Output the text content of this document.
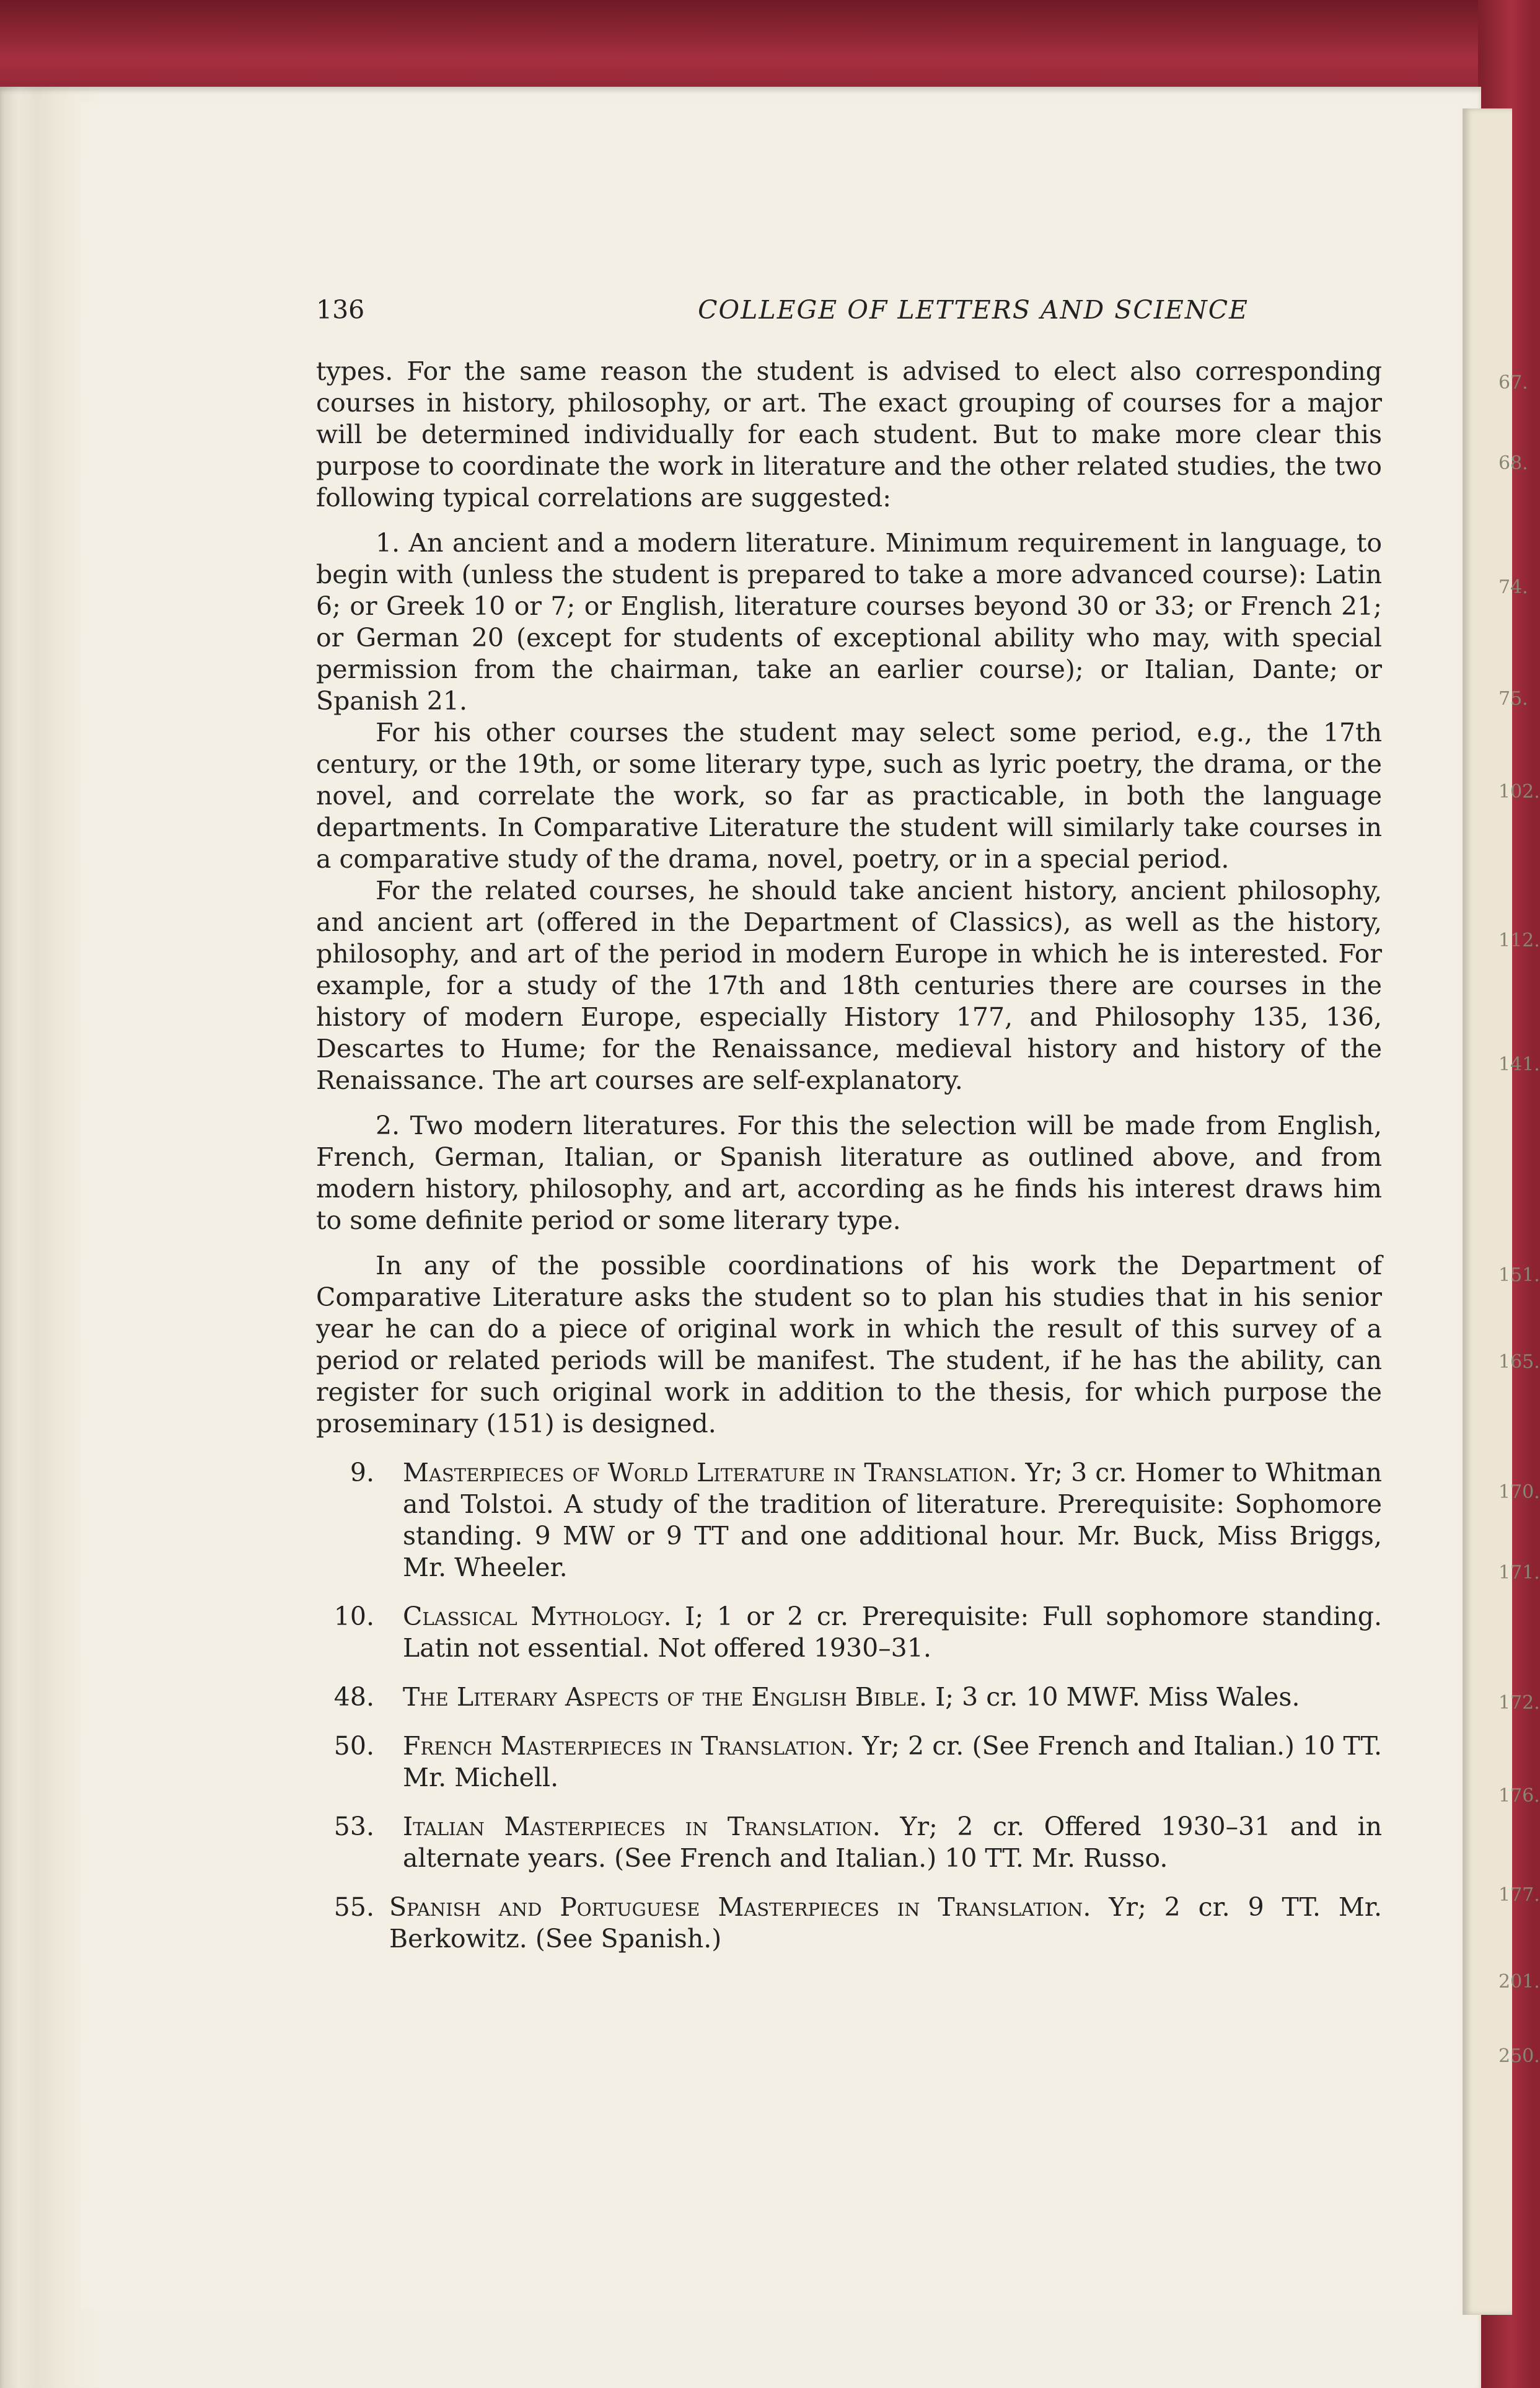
67.
68.
74.
75.
102.
112.
141.
151.
165.
170.
171.
172.
176.
177.
201.
250.
136	COLLEGE OF LETTERS AND SCIENCE

types. For the same reason the student is advised to elect also corresponding courses in history, philosophy, or art. The exact grouping of courses for a major will be determined individually for each student. But to make more clear this purpose to coordinate the work in literature and the other related studies, the two following typical correlations are suggested:

1. An ancient and a modern literature. Minimum requirement in language, to begin with (unless the student is prepared to take a more advanced course): Latin 6; or Greek 10 or 7; or English, literature courses beyond 30 or 33; or French 21; or German 20 (except for students of exceptional ability who may, with special permission from the chairman, take an earlier course); or Italian, Dante; or Spanish 21.

For his other courses the student may select some period, e.g., the 17th century, or the 19th, or some literary type, such as lyric poetry, the drama, or the novel, and correlate the work, so far as practicable, in both the language departments. In Comparative Literature the student will similarly take courses in a comparative study of the drama, novel, poetry, or in a special period.

For the related courses, he should take ancient history, ancient philosophy, and ancient art (offered in the Department of Classics), as well as the history, philosophy, and art of the period in modern Europe in which he is interested. For example, for a study of the 17th and 18th centuries there are courses in the history of modern Europe, especially History 177, and Philosophy 135, 136, Descartes to Hume; for the Renaissance, medieval history and history of the Renaissance. The art courses are self-explanatory.

2. Two modern literatures. For this the selection will be made from English, French, German, Italian, or Spanish literature as outlined above, and from modern history, philosophy, and art, according as he finds his interest draws him to some definite period or some literary type.

In any of the possible coordinations of his work the Department of Comparative Literature asks the student so to plan his studies that in his senior year he can do a piece of original work in which the result of this survey of a period or related periods will be manifest. The student, if he has the ability, can register for such original work in addition to the thesis, for which purpose the proseminary (151) is designed.

9.	Masterpieces of World Literature in Translation. Yr; 3 cr. Homer to Whitman and Tolstoi. A study of the tradition of literature. Prerequisite: Sophomore standing. 9 MW or 9 TT and one additional hour. Mr. Buck, Miss Briggs, Mr. Wheeler.
10.	Classical Mythology. I; 1 or 2 cr. Prerequisite: Full sophomore standing. Latin not essential. Not offered 1930–31.
48.	The Literary Aspects of the English Bible. I; 3 cr. 10 MWF. Miss Wales.
50.	French Masterpieces in Translation. Yr; 2 cr. (See French and Italian.) 10 TT. Mr. Michell.
53.	Italian Masterpieces in Translation. Yr; 2 cr. Offered 1930–31 and in alternate years. (See French and Italian.) 10 TT. Mr. Russo.
55. Spanish and Portuguese Masterpieces in Translation. Yr; 2 cr. 9 TT. Mr. Berkowitz. (See Spanish.)
